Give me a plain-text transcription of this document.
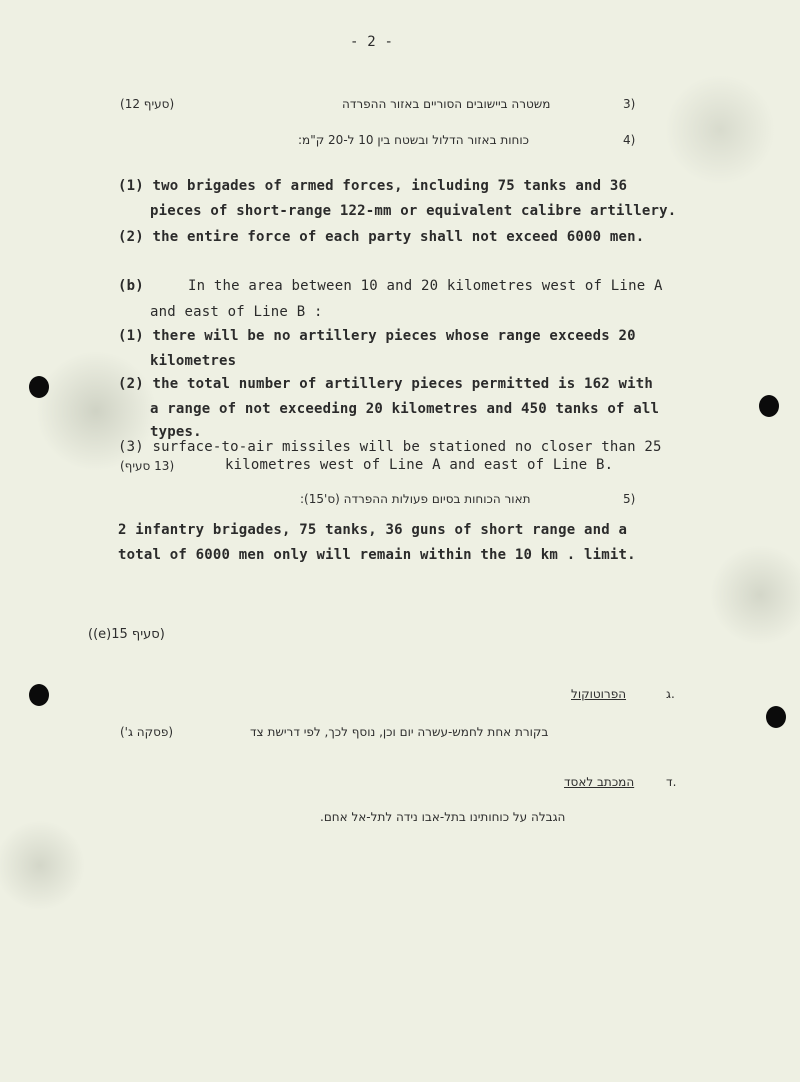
- 2 -
3)
משטרה ביישובים הסוריים באזור ההפרדה
(סעיף 12)
4)
כוחות באזור הדלול ובשטח בין 10 ל-20 ק"מ:
(1) two brigades of armed forces, including 75 tanks and 36
pieces of short-range 122-mm or equivalent calibre artillery.
(2) the entire force of each party shall not exceed 6000 men.
(b)	In the area between 10 and 20 kilometres west of Line A
and east of Line B :
(1) there will be no artillery pieces whose range exceeds 20
kilometres
(2) the total number of artillery pieces permitted is 162 with
a range of not exceeding 20 kilometres and 450 tanks of all
types.
(3) surface-to-air missiles will be stationed no closer than 25
(13 סעיף)	kilometres west of Line A and east of Line B.
5)
תאור הכוחות בסיום פעולות ההפרדה (ס'15):
2 infantry brigades, 75 tanks, 36 guns of short range and a
total of 6000 men only will remain within the 10 km . limit.
((e)15 סעיף)
ג.
הפרוטוקול
בקורת אחת לחמש-עשרה יום וכן, נוסף לכך, לפי דרישת צד
(פסקה ג')
ד.
המכתב לאסד
הגבלה על כוחותינו בתל-אבו נידה לתל-אל אחם.
